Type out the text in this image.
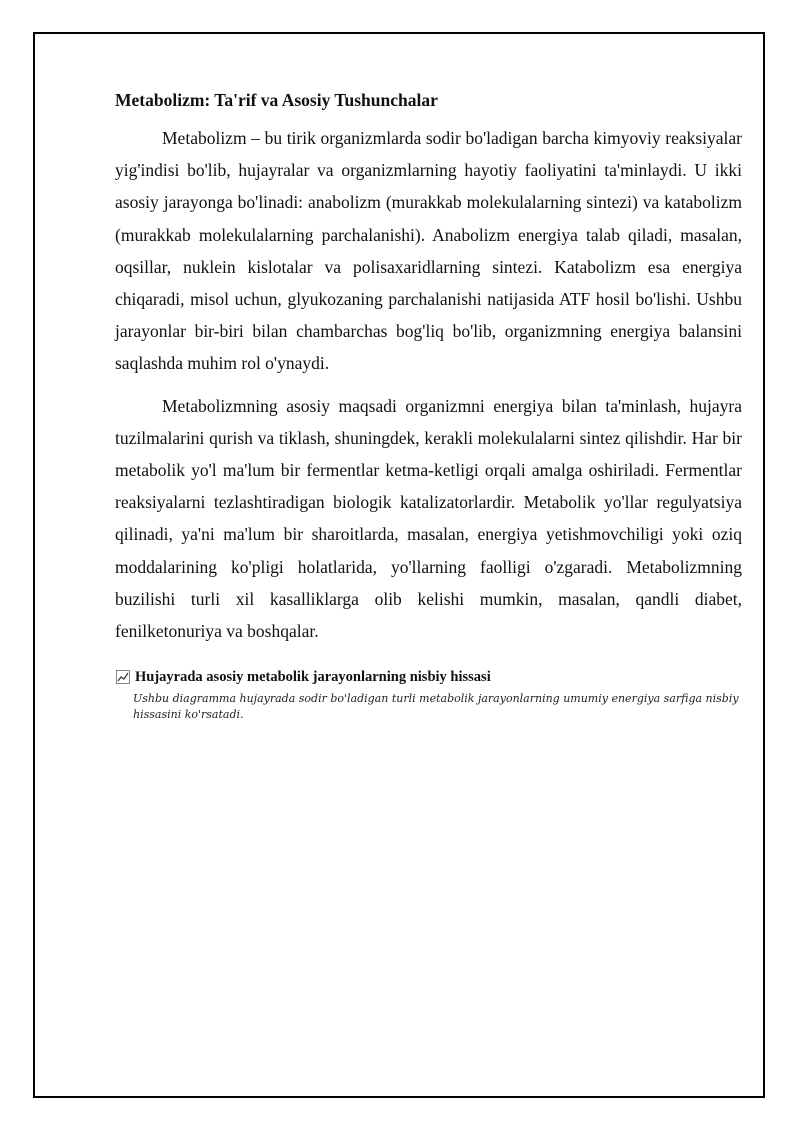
Metabolizm: Ta'rif va Asosiy Tushunchalar

Metabolizm – bu tirik organizmlarda sodir bo'ladigan barcha kimyoviy reaksiyalar yig'indisi bo'lib, hujayralar va organizmlarning hayotiy faoliyatini ta'minlaydi. U ikki asosiy jarayonga bo'linadi: anabolizm (murakkab molekulalarning sintezi) va katabolizm (murakkab molekulalarning parchalanishi). Anabolizm energiya talab qiladi, masalan, oqsillar, nuklein kislotalar va polisaxaridlarning sintezi. Katabolizm esa energiya chiqaradi, misol uchun, glyukozaning parchalanishi natijasida ATF hosil bo'lishi. Ushbu jarayonlar bir-biri bilan chambarchas bog'liq bo'lib, organizmning energiya balansini saqlashda muhim rol o'ynaydi.

Metabolizmning asosiy maqsadi organizmni energiya bilan ta'minlash, hujayra tuzilmalarini qurish va tiklash, shuningdek, kerakli molekulalarni sintez qilishdir. Har bir metabolik yo'l ma'lum bir fermentlar ketma-ketligi orqali amalga oshiriladi. Fermentlar reaksiyalarni tezlashtiradigan biologik katalizatorlardir. Metabolik yo'llar regulyatsiya qilinadi, ya'ni ma'lum bir sharoitlarda, masalan, energiya yetishmovchiligi yoki oziq moddalarining ko'pligi holatlarida, yo'llarning faolligi o'zgaradi. Metabolizmning buzilishi turli xil kasalliklarga olib kelishi mumkin, masalan, qandli diabet, fenilketonuriya va boshqalar.

Hujayrada asosiy metabolik jarayonlarning nisbiy hissasi
Ushbu diagramma hujayrada sodir bo'ladigan turli metabolik jarayonlarning umumiy energiya sarfiga nisbiy hissasini ko'rsatadi.
